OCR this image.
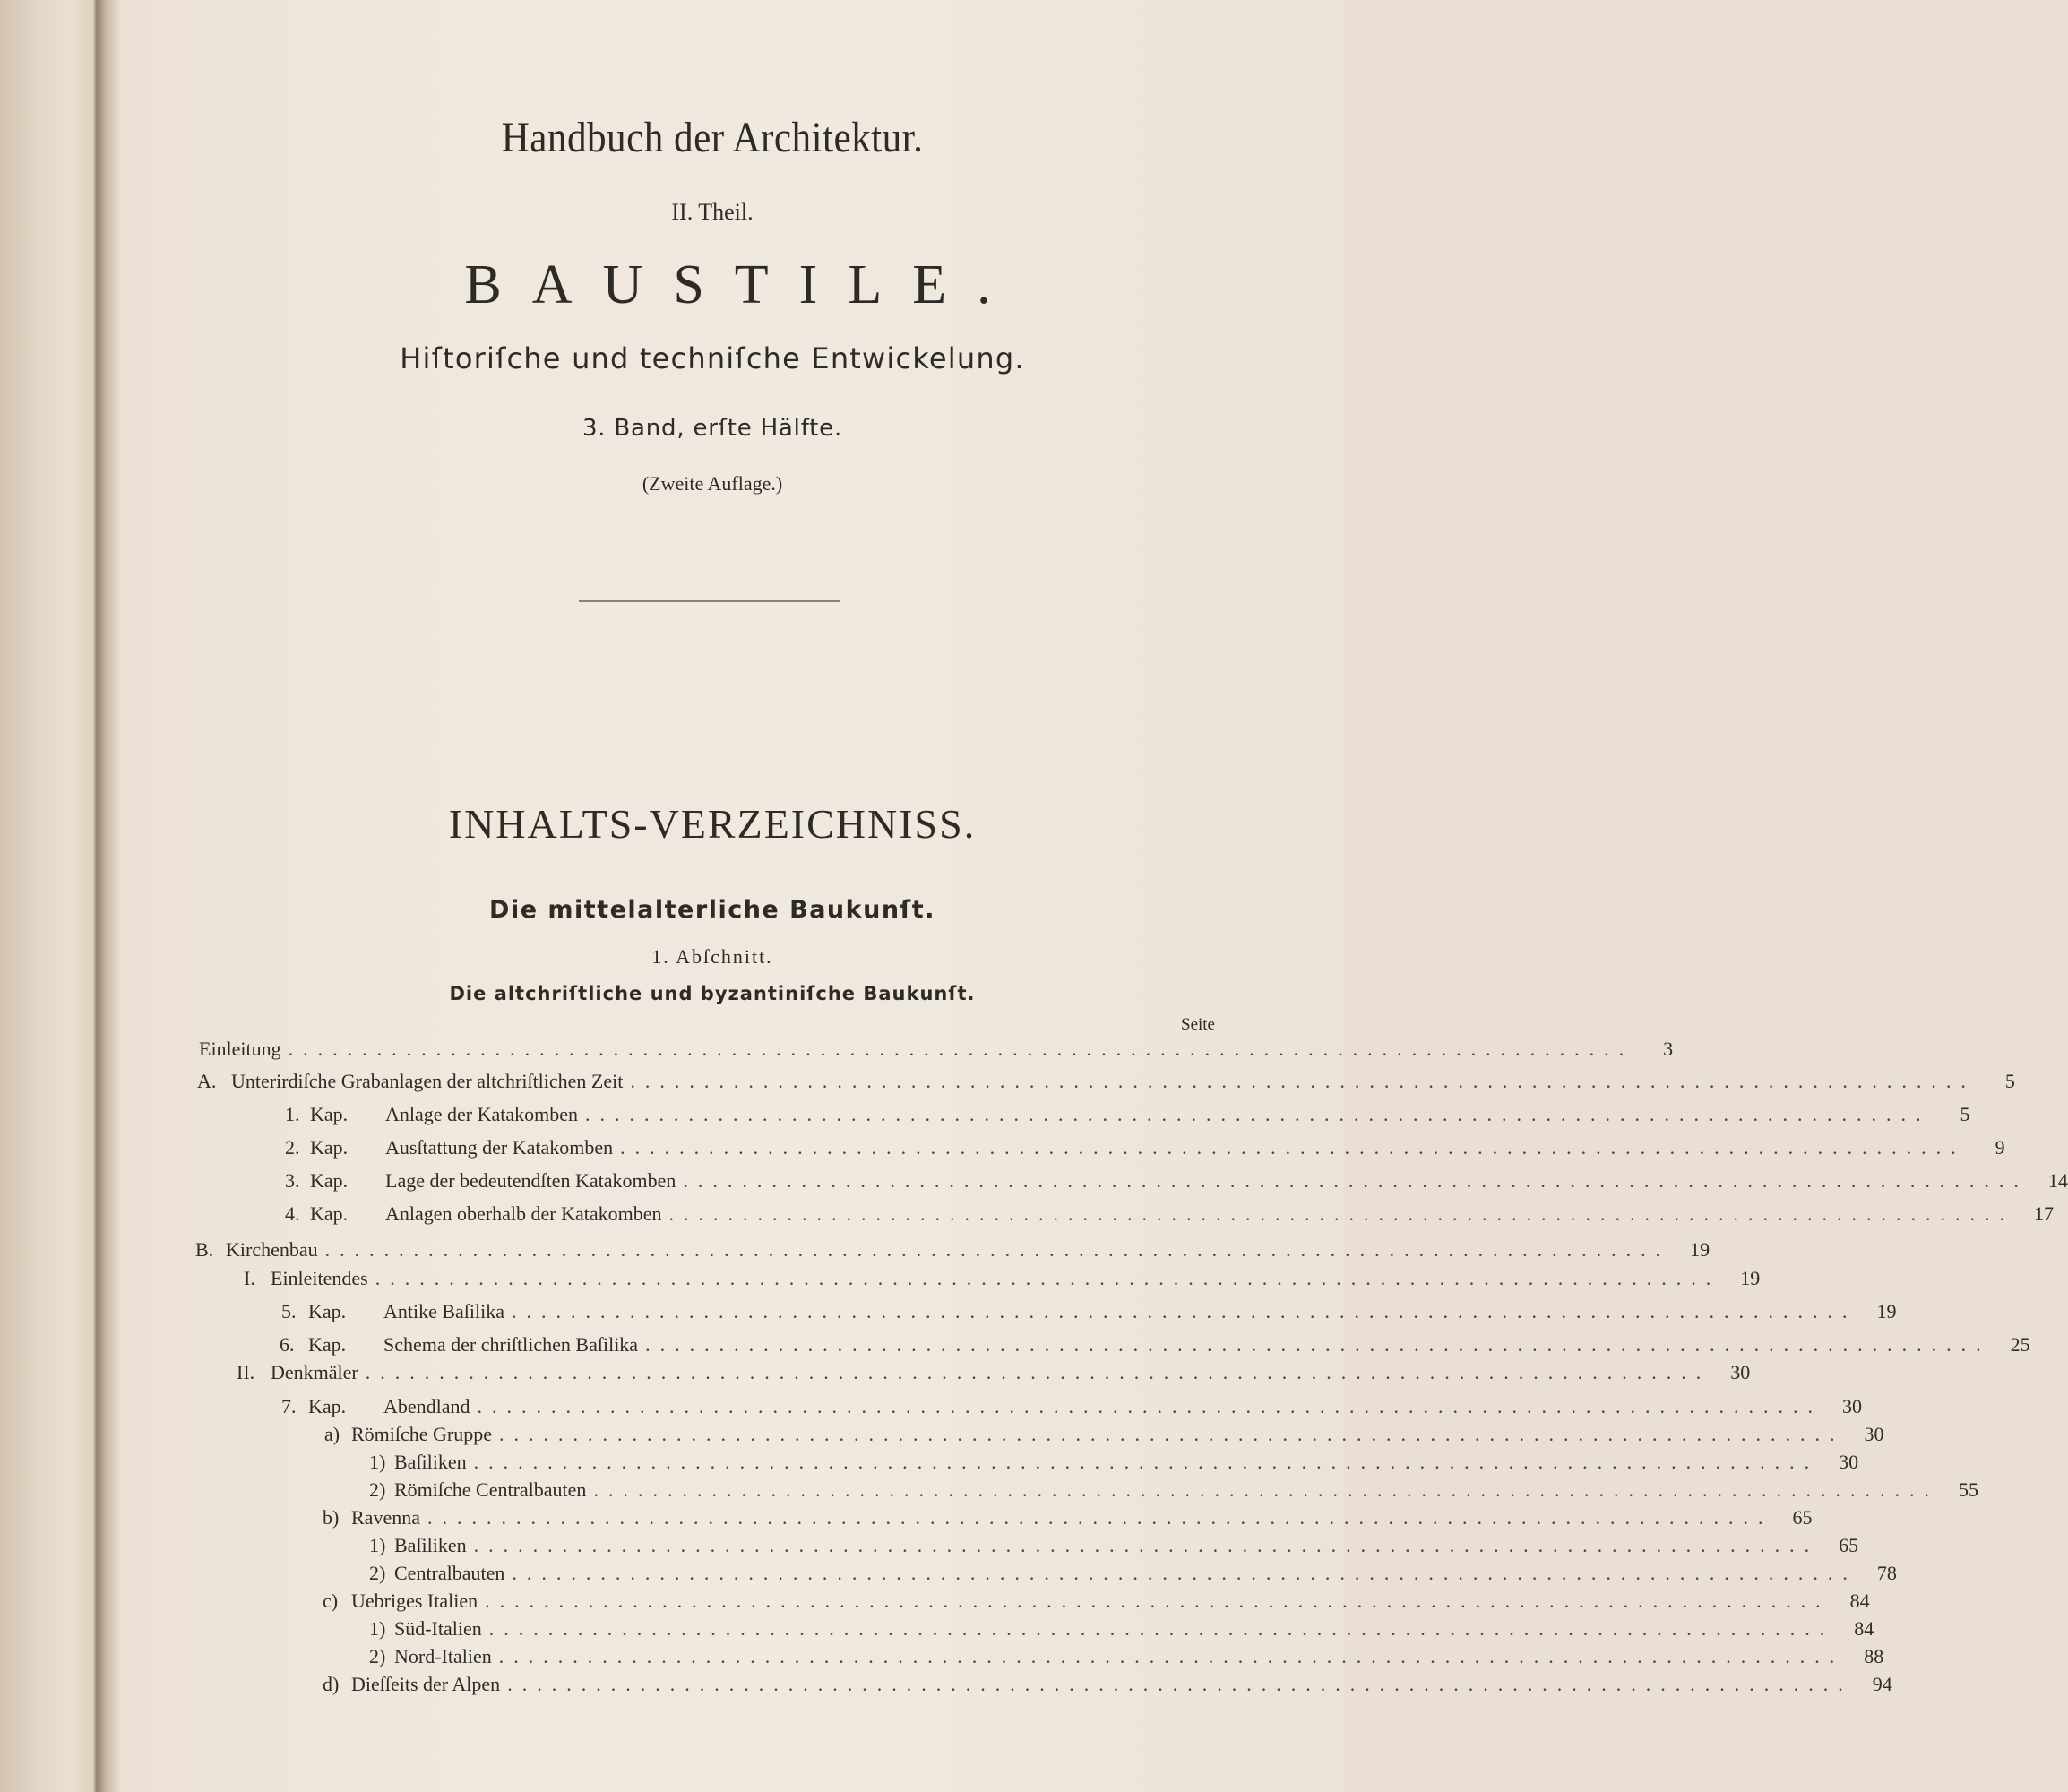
Handbuch der Architektur.
II. Theil.
BAUSTILE.
Hiſtoriſche und techniſche Entwickelung.
3. Band, erſte Hälfte.
(Zweite Auflage.)
INHALTS-VERZEICHNISS.
Die mittelalterliche Baukunſt.
1. Abſchnitt.
Die altchriſtliche und byzantiniſche Baukunſt.
Seite
Einleitung ...........................................................................................	3
A. Unterirdiſche Grabanlagen der altchriſtlichen Zeit ...........................................................................................	5
1. Kap.	Anlage der Katakomben ...........................................................................................	5
2. Kap.	Ausſtattung der Katakomben ...........................................................................................	9
3. Kap.	Lage der bedeutendſten Katakomben ...........................................................................................	14
4. Kap.	Anlagen oberhalb der Katakomben ...........................................................................................	17
B. Kirchenbau ...........................................................................................	19
I. Einleitendes ...........................................................................................	19
5. Kap.	Antike Baſilika ...........................................................................................	19
6. Kap.	Schema der chriſtlichen Baſilika ...........................................................................................	25
II. Denkmäler ...........................................................................................	30
7. Kap.	Abendland ...........................................................................................	30
a) Römiſche Gruppe ...........................................................................................	30
1) Baſiliken ...........................................................................................	30
2) Römiſche Centralbauten ...........................................................................................	55
b) Ravenna ...........................................................................................	65
1) Baſiliken ...........................................................................................	65
2) Centralbauten ...........................................................................................	78
c) Uebriges Italien ...........................................................................................	84
1) Süd-Italien ...........................................................................................	84
2) Nord-Italien ...........................................................................................	88
d) Dieſſeits der Alpen ...........................................................................................	94
